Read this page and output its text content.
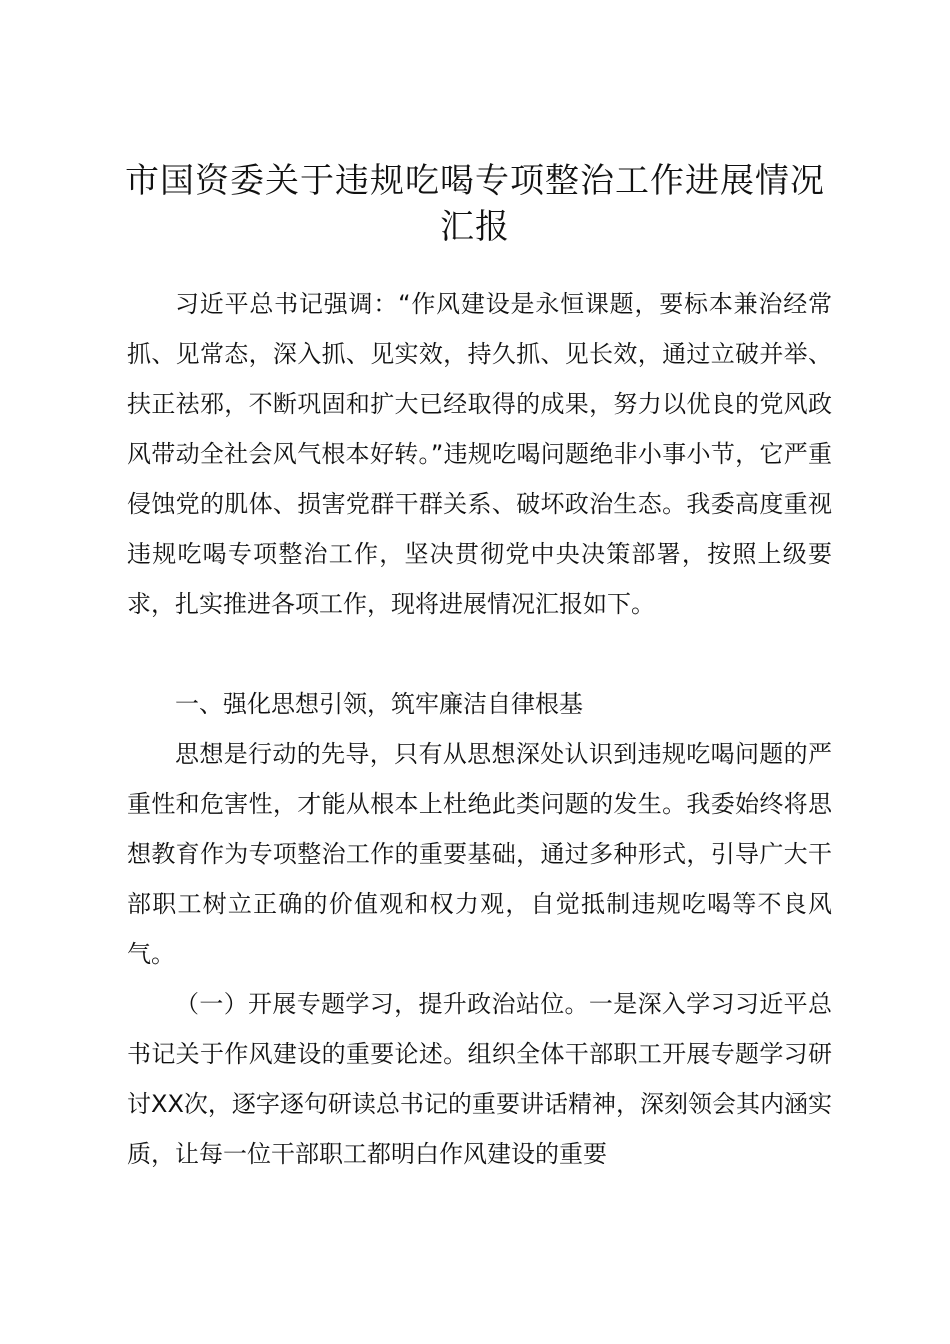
市国资委关于违规吃喝专项整治工作进展情况汇报

习近平总书记强调：“作风建设是永恒课题，要标本兼治经常抓、见常态，深入抓、见实效，持久抓、见长效，通过立破并举、扶正祛邪，不断巩固和扩大已经取得的成果，努力以优良的党风政风带动全社会风气根本好转。”违规吃喝问题绝非小事小节，它严重侵蚀党的肌体、损害党群干群关系、破坏政治生态。我委高度重视违规吃喝专项整治工作，坚决贯彻党中央决策部署，按照上级要求，扎实推进各项工作，现将进展情况汇报如下。

一、强化思想引领，筑牢廉洁自律根基

思想是行动的先导，只有从思想深处认识到违规吃喝问题的严重性和危害性，才能从根本上杜绝此类问题的发生。我委始终将思想教育作为专项整治工作的重要基础，通过多种形式，引导广大干部职工树立正确的价值观和权力观，自觉抵制违规吃喝等不良风气。

（一）开展专题学习，提升政治站位。一是深入学习习近平总书记关于作风建设的重要论述。组织全体干部职工开展专题学习研讨XX次，逐字逐句研读总书记的重要讲话精神，深刻领会其内涵实质，让每一位干部职工都明白作风建设的重要
